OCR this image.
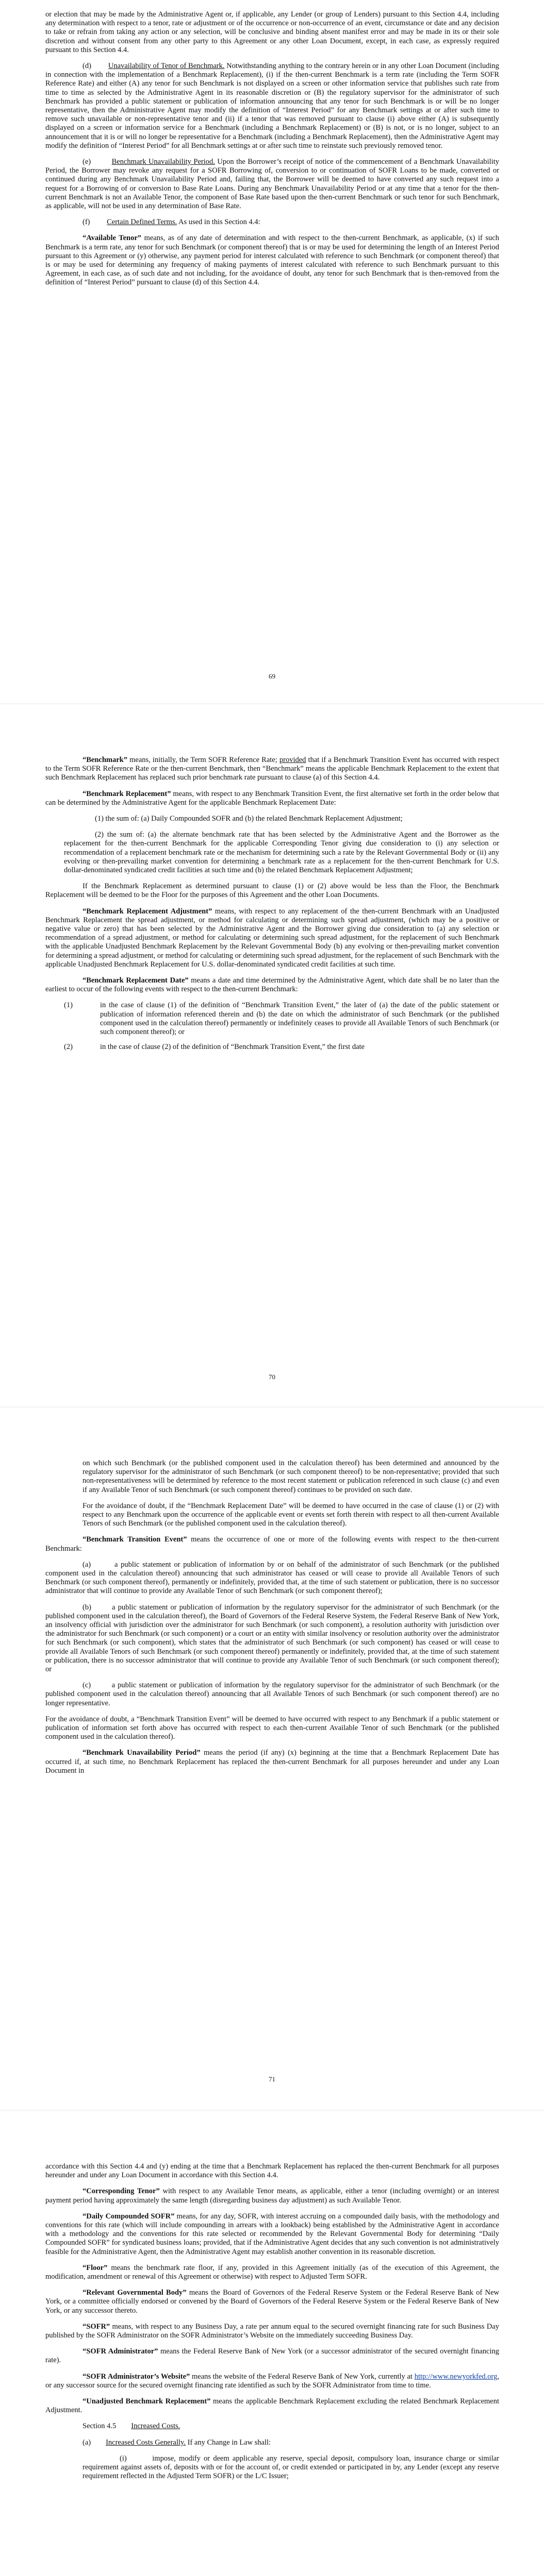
or election that may be made by the Administrative Agent or, if applicable, any Lender (or group of Lenders) pursuant to this Section 4.4, including any determination with respect to a tenor, rate or adjustment or of the occurrence or non-occurrence of an event, circumstance or date and any decision to take or refrain from taking any action or any selection, will be conclusive and binding absent manifest error and may be made in its or their sole discretion and without consent from any other party to this Agreement or any other Loan Document, except, in each case, as expressly required pursuant to this Section 4.4.

(d) Unavailability of Tenor of Benchmark. Notwithstanding anything to the contrary herein or in any other Loan Document (including in connection with the implementation of a Benchmark Replacement), (i) if the then-current Benchmark is a term rate (including the Term SOFR Reference Rate) and either (A) any tenor for such Benchmark is not displayed on a screen or other information service that publishes such rate from time to time as selected by the Administrative Agent in its reasonable discretion or (B) the regulatory supervisor for the administrator of such Benchmark has provided a public statement or publication of information announcing that any tenor for such Benchmark is or will be no longer representative, then the Administrative Agent may modify the definition of “Interest Period” for any Benchmark settings at or after such time to remove such unavailable or non-representative tenor and (ii) if a tenor that was removed pursuant to clause (i) above either (A) is subsequently displayed on a screen or information service for a Benchmark (including a Benchmark Replacement) or (B) is not, or is no longer, subject to an announcement that it is or will no longer be representative for a Benchmark (including a Benchmark Replacement), then the Administrative Agent may modify the definition of “Interest Period” for all Benchmark settings at or after such time to reinstate such previously removed tenor.

(e)	Benchmark Unavailability Period. Upon the Borrower’s receipt of notice of the commencement of a Benchmark Unavailability Period, the Borrower may revoke any request for a SOFR Borrowing of, conversion to or continuation of SOFR Loans to be made, converted or continued during any Benchmark Unavailability Period and, failing that, the Borrower will be deemed to have converted any such request into a request for a Borrowing of or conversion to Base Rate Loans. During any Benchmark Unavailability Period or at any time that a tenor for the then-current Benchmark is not an Available Tenor, the component of Base Rate based upon the then-current Benchmark or such tenor for such Benchmark, as applicable, will not be used in any determination of Base Rate.

(f) Certain Defined Terms. As used in this Section 4.4:

“Available Tenor” means, as of any date of determination and with respect to the then-current Benchmark, as applicable, (x) if such Benchmark is a term rate, any tenor for such Benchmark (or component thereof) that is or may be used for determining the length of an Interest Period pursuant to this Agreement or (y) otherwise, any payment period for interest calculated with reference to such Benchmark (or component thereof) that is or may be used for determining any frequency of making payments of interest calculated with reference to such Benchmark pursuant to this Agreement, in each case, as of such date and not including, for the avoidance of doubt, any tenor for such Benchmark that is then-removed from the definition of “Interest Period” pursuant to clause (d) of this Section 4.4.

69

“Benchmark” means, initially, the Term SOFR Reference Rate; provided that if a Benchmark Transition Event has occurred with respect to the Term SOFR Reference Rate or the then-current Benchmark, then “Benchmark” means the applicable Benchmark Replacement to the extent that such Benchmark Replacement has replaced such prior benchmark rate pursuant to clause (a) of this Section 4.4.

“Benchmark Replacement” means, with respect to any Benchmark Transition Event, the first alternative set forth in the order below that can be determined by the Administrative Agent for the applicable Benchmark Replacement Date:

(1) the sum of: (a) Daily Compounded SOFR and (b) the related Benchmark Replacement Adjustment;

(2) the sum of: (a) the alternate benchmark rate that has been selected by the Administrative Agent and the Borrower as the replacement for the then-current Benchmark for the applicable Corresponding Tenor giving due consideration to (i) any selection or recommendation of a replacement benchmark rate or the mechanism for determining such a rate by the Relevant Governmental Body or (ii) any evolving or then-prevailing market convention for determining a benchmark rate as a replacement for the then-current Benchmark for U.S. dollar-denominated syndicated credit facilities at such time and (b) the related Benchmark Replacement Adjustment;

If the Benchmark Replacement as determined pursuant to clause (1) or (2) above would be less than the Floor, the Benchmark Replacement will be deemed to be the Floor for the purposes of this Agreement and the other Loan Documents.

“Benchmark Replacement Adjustment” means, with respect to any replacement of the then-current Benchmark with an Unadjusted Benchmark Replacement the spread adjustment, or method for calculating or determining such spread adjustment, (which may be a positive or negative value or zero) that has been selected by the Administrative Agent and the Borrower giving due consideration to (a) any selection or recommendation of a spread adjustment, or method for calculating or determining such spread adjustment, for the replacement of such Benchmark with the applicable Unadjusted Benchmark Replacement by the Relevant Governmental Body (b) any evolving or then-prevailing market convention for determining a spread adjustment, or method for calculating or determining such spread adjustment, for the replacement of such Benchmark with the applicable Unadjusted Benchmark Replacement for U.S. dollar-denominated syndicated credit facilities at such time.

“Benchmark Replacement Date” means a date and time determined by the Administrative Agent, which date shall be no later than the earliest to occur of the following events with respect to the then-current Benchmark:

(1)	in the case of clause (1) of the definition of “Benchmark Transition Event,” the later of (a) the date of the public statement or publication of information referenced therein and (b) the date on which the administrator of such Benchmark (or the published component used in the calculation thereof) permanently or indefinitely ceases to provide all Available Tenors of such Benchmark (or such component thereof); or
(2)	in the case of clause (2) of the definition of “Benchmark Transition Event,” the first date
70

on which such Benchmark (or the published component used in the calculation thereof) has been determined and announced by the regulatory supervisor for the administrator of such Benchmark (or such component thereof) to be non-representative; provided that such non-representativeness will be determined by reference to the most recent statement or publication referenced in such clause (c) and even if any Available Tenor of such Benchmark (or such component thereof) continues to be provided on such date.

For the avoidance of doubt, if the “Benchmark Replacement Date” will be deemed to have occurred in the case of clause (1) or (2) with respect to any Benchmark upon the occurrence of the applicable event or events set forth therein with respect to all then-current Available Tenors of such Benchmark (or the published component used in the calculation thereof).

“Benchmark Transition Event” means the occurrence of one or more of the following events with respect to the then-current Benchmark:

(a)	a public statement or publication of information by or on behalf of the administrator of such Benchmark (or the published component used in the calculation thereof) announcing that such administrator has ceased or will cease to provide all Available Tenors of such Benchmark (or such component thereof), permanently or indefinitely, provided that, at the time of such statement or publication, there is no successor administrator that will continue to provide any Available Tenor of such Benchmark (or such component thereof);

(b)	a public statement or publication of information by the regulatory supervisor for the administrator of such Benchmark (or the published component used in the calculation thereof), the Board of Governors of the Federal Reserve System, the Federal Reserve Bank of New York, an insolvency official with jurisdiction over the administrator for such Benchmark (or such component), a resolution authority with jurisdiction over the administrator for such Benchmark (or such component) or a court or an entity with similar insolvency or resolution authority over the administrator for such Benchmark (or such component), which states that the administrator of such Benchmark (or such component) has ceased or will cease to provide all Available Tenors of such Benchmark (or such component thereof) permanently or indefinitely, provided that, at the time of such statement or publication, there is no successor administrator that will continue to provide any Available Tenor of such Benchmark (or such component thereof); or

(c)	a public statement or publication of information by the regulatory supervisor for the administrator of such Benchmark (or the published component used in the calculation thereof) announcing that all Available Tenors of such Benchmark (or such component thereof) are no longer representative.

For the avoidance of doubt, a “Benchmark Transition Event” will be deemed to have occurred with respect to any Benchmark if a public statement or publication of information set forth above has occurred with respect to each then-current Available Tenor of such Benchmark (or the published component used in the calculation thereof).

“Benchmark Unavailability Period” means the period (if any) (x) beginning at the time that a Benchmark Replacement Date has occurred if, at such time, no Benchmark Replacement has replaced the then-current Benchmark for all purposes hereunder and under any Loan Document in

71

accordance with this Section 4.4 and (y) ending at the time that a Benchmark Replacement has replaced the then-current Benchmark for all purposes hereunder and under any Loan Document in accordance with this Section 4.4.

“Corresponding Tenor” with respect to any Available Tenor means, as applicable, either a tenor (including overnight) or an interest payment period having approximately the same length (disregarding business day adjustment) as such Available Tenor.

“Daily Compounded SOFR” means, for any day, SOFR, with interest accruing on a compounded daily basis, with the methodology and conventions for this rate (which will include compounding in arrears with a lookback) being established by the Administrative Agent in accordance with a methodology and the conventions for this rate selected or recommended by the Relevant Governmental Body for determining “Daily Compounded SOFR” for syndicated business loans; provided, that if the Administrative Agent decides that any such convention is not administratively feasible for the Administrative Agent, then the Administrative Agent may establish another convention in its reasonable discretion.

“Floor” means the benchmark rate floor, if any, provided in this Agreement initially (as of the execution of this Agreement, the modification, amendment or renewal of this Agreement or otherwise) with respect to Adjusted Term SOFR.

“Relevant Governmental Body” means the Board of Governors of the Federal Reserve System or the Federal Reserve Bank of New York, or a committee officially endorsed or convened by the Board of Governors of the Federal Reserve System or the Federal Reserve Bank of New York, or any successor thereto.

“SOFR” means, with respect to any Business Day, a rate per annum equal to the secured overnight financing rate for such Business Day published by the SOFR Administrator on the SOFR Administrator’s Website on the immediately succeeding Business Day.

“SOFR Administrator” means the Federal Reserve Bank of New York (or a successor administrator of the secured overnight financing rate).

“SOFR Administrator’s Website” means the website of the Federal Reserve Bank of New York, currently at http://www.newyorkfed.org, or any successor source for the secured overnight financing rate identified as such by the SOFR Administrator from time to time.

“Unadjusted Benchmark Replacement” means the applicable Benchmark Replacement excluding the related Benchmark Replacement Adjustment.

Section 4.5 Increased Costs.

(a) Increased Costs Generally. If any Change in Law shall:

(i)	impose, modify or deem applicable any reserve, special deposit, compulsory loan, insurance charge or similar requirement against assets of, deposits with or for the account of, or credit extended or participated in by, any Lender (except any reserve requirement reflected in the Adjusted Term SOFR) or the L/C Issuer;
